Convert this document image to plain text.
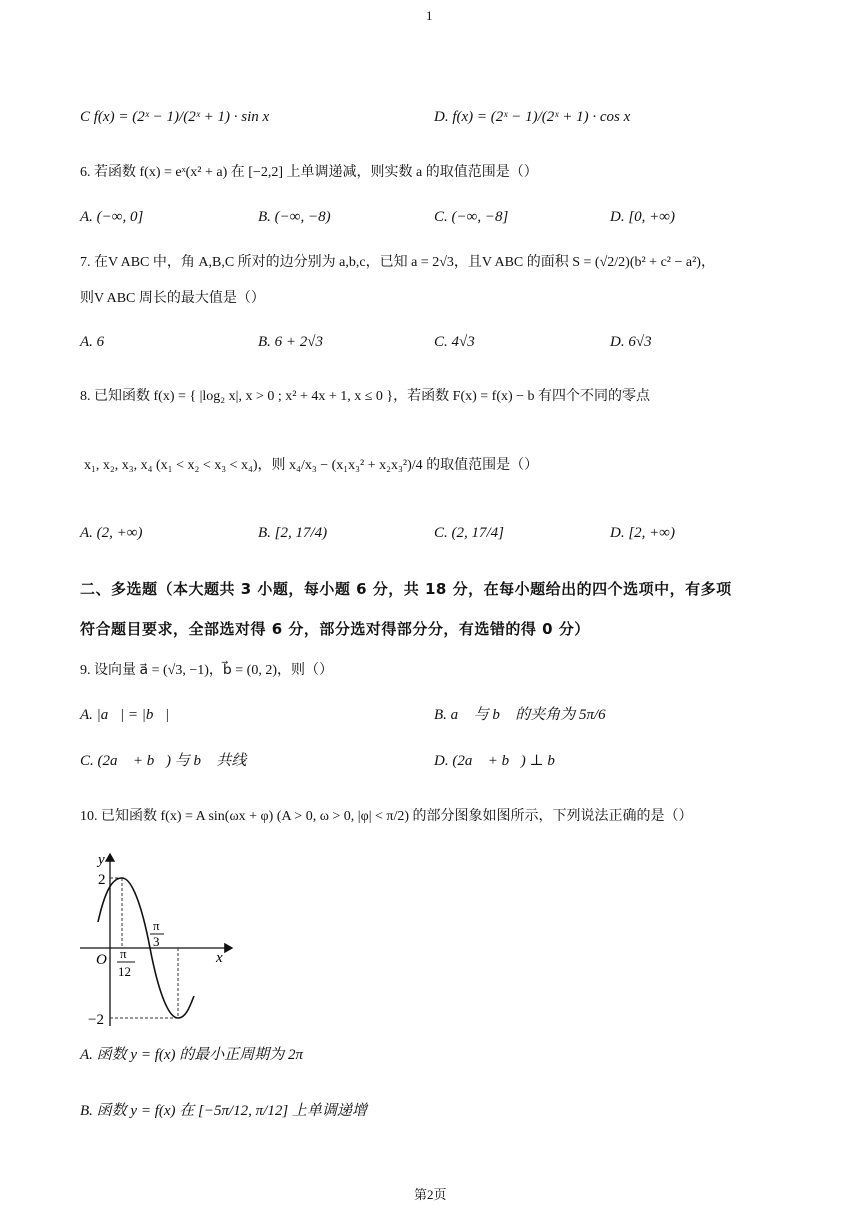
1
C f(x) = (2ˣ − 1)/(2ˣ + 1) · sin x	D. f(x) = (2ˣ − 1)/(2ˣ + 1) · cos x
6. 若函数 f(x) = eˣ(x² + a) 在 [−2,2] 上单调递减，则实数 a 的取值范围是（）
A. (−∞, 0]	B. (−∞, −8)	C. (−∞, −8]	D. [0, +∞)
7. 在V ABC 中，角 A,B,C 所对的边分别为 a,b,c，已知 a = 2√3，且V ABC 的面积 S = (√2/2)(b² + c² − a²)，
则V ABC 周长的最大值是（）
A. 6	B. 6 + 2√3	C. 4√3	D. 6√3
8. 已知函数 f(x) = { |log₂ x|, x > 0 ; x² + 4x + 1, x ≤ 0 }，若函数 F(x) = f(x) − b 有四个不同的零点
x₁, x₂, x₃, x₄ (x₁ < x₂ < x₃ < x₄)，则 x₄/x₃ − (x₁x₃² + x₂x₃²)/4 的取值范围是（）
A. (2, +∞)	B. [2, 17/4)	C. (2, 17/4]	D. [2, +∞)
二、多选题（本大题共 3 小题，每小题 6 分，共 18 分，在每小题给出的四个选项中，有多项
符合题目要求，全部选对得 6 分，部分选对得部分分，有选错的得 0 分）
9. 设向量 a⃗ = (√3, −1)，b⃗ = (0, 2)，则（）
A. |a⃗| = |b⃗|	B. a⃗ 与 b⃗ 的夹角为 5π/6
C. (2a⃗ + b⃗) 与 b⃗ 共线	D. (2a⃗ + b⃗) ⊥ b⃗
10. 已知函数 f(x) = A sin(ωx + φ) (A > 0, ω > 0, |φ| < π/2) 的部分图象如图所示，下列说法正确的是（）
y
x
O
2
−2
π
12
π
3
A. 函数 y = f(x) 的最小正周期为 2π
B. 函数 y = f(x) 在 [−5π/12, π/12] 上单调递增
第2页
